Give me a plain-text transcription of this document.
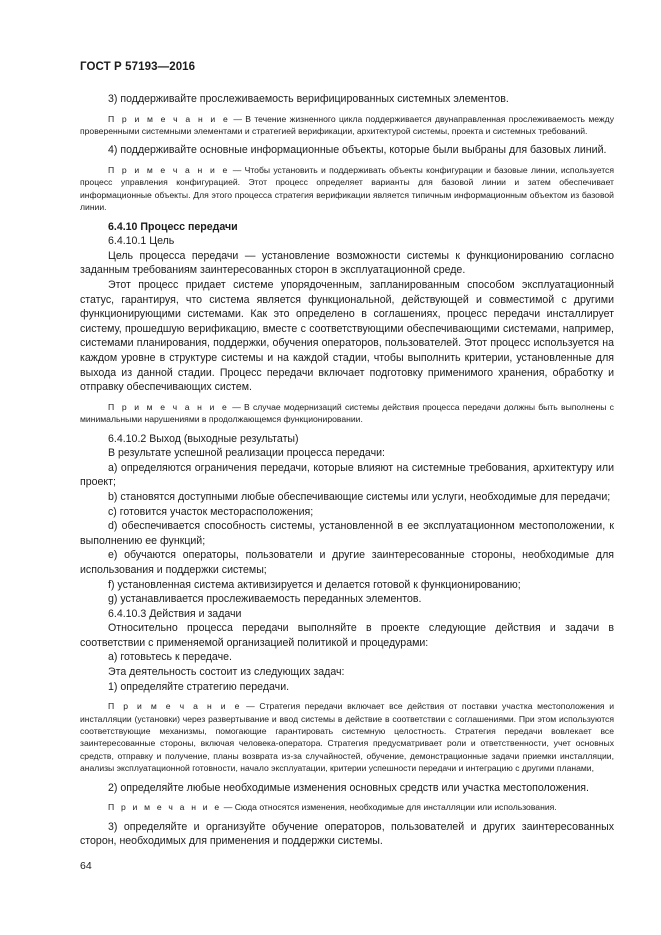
ГОСТ Р 57193—2016
3) поддерживайте прослеживаемость верифицированных системных элементов.
П р и м е ч а н и е — В течение жизненного цикла поддерживается двунаправленная прослеживаемость между проверенными системными элементами и стратегией верификации, архитектурой системы, проекта и системных требований.
4) поддерживайте основные информационные объекты, которые были выбраны для базовых линий.
П р и м е ч а н и е — Чтобы установить и поддерживать объекты конфигурации и базовые линии, используется процесс управления конфигурацией. Этот процесс определяет варианты для базовой линии и затем обеспечивает информационные объекты. Для этого процесса стратегия верификации является типичным информационным объектом из базовой линии.
6.4.10 Процесс передачи
6.4.10.1 Цель
Цель процесса передачи — установление возможности системы к функционированию согласно заданным требованиям заинтересованных сторон в эксплуатационной среде.
Этот процесс придает системе упорядоченным, запланированным способом эксплуатационный статус, гарантируя, что система является функциональной, действующей и совместимой с другими функционирующими системами. Как это определено в соглашениях, процесс передачи инсталлирует систему, прошедшую верификацию, вместе с соответствующими обеспечивающими системами, например, системами планирования, поддержки, обучения операторов, пользователей. Этот процесс используется на каждом уровне в структуре системы и на каждой стадии, чтобы выполнить критерии, установленные для выхода из данной стадии. Процесс передачи включает подготовку применимого хранения, обработку и отправку обеспечивающих систем.
П р и м е ч а н и е — В случае модернизаций системы действия процесса передачи должны быть выполнены с минимальными нарушениями в продолжающемся функционировании.
6.4.10.2 Выход (выходные результаты)
В результате успешной реализации процесса передачи:
a) определяются ограничения передачи, которые влияют на системные требования, архитектуру или проект;
b) становятся доступными любые обеспечивающие системы или услуги, необходимые для передачи;
c) готовится участок месторасположения;
d) обеспечивается способность системы, установленной в ее эксплуатационном местоположении, к выполнению ее функций;
e) обучаются операторы, пользователи и другие заинтересованные стороны, необходимые для использования и поддержки системы;
f) установленная система активизируется и делается готовой к функционированию;
g) устанавливается прослеживаемость переданных элементов.
6.4.10.3 Действия и задачи
Относительно процесса передачи выполняйте в проекте следующие действия и задачи в соответствии с применяемой организацией политикой и процедурами:
a) готовьтесь к передаче.
Эта деятельность состоит из следующих задач:
1) определяйте стратегию передачи.
П р и м е ч а н и е — Стратегия передачи включает все действия от поставки участка местоположения и инсталляции (установки) через развертывание и ввод системы в действие в соответствии с соглашениями. При этом используются соответствующие механизмы, помогающие гарантировать системную целостность. Стратегия передачи вовлекает все заинтересованные стороны, включая человека-оператора. Стратегия предусматривает роли и ответственности, учет основных средств, отправку и получение, планы возврата из-за случайностей, обучение, демонстрационные задачи приемки инсталляции, анализы эксплуатационной готовности, начало эксплуатации, критерии успешности передачи и интеграцию с другими планами,
2) определяйте любые необходимые изменения основных средств или участка местоположения.
П р и м е ч а н и е — Сюда относятся изменения, необходимые для инсталляции или использования.
3) определяйте и организуйте обучение операторов, пользователей и других заинтересованных сторон, необходимых для применения и поддержки системы.
64
